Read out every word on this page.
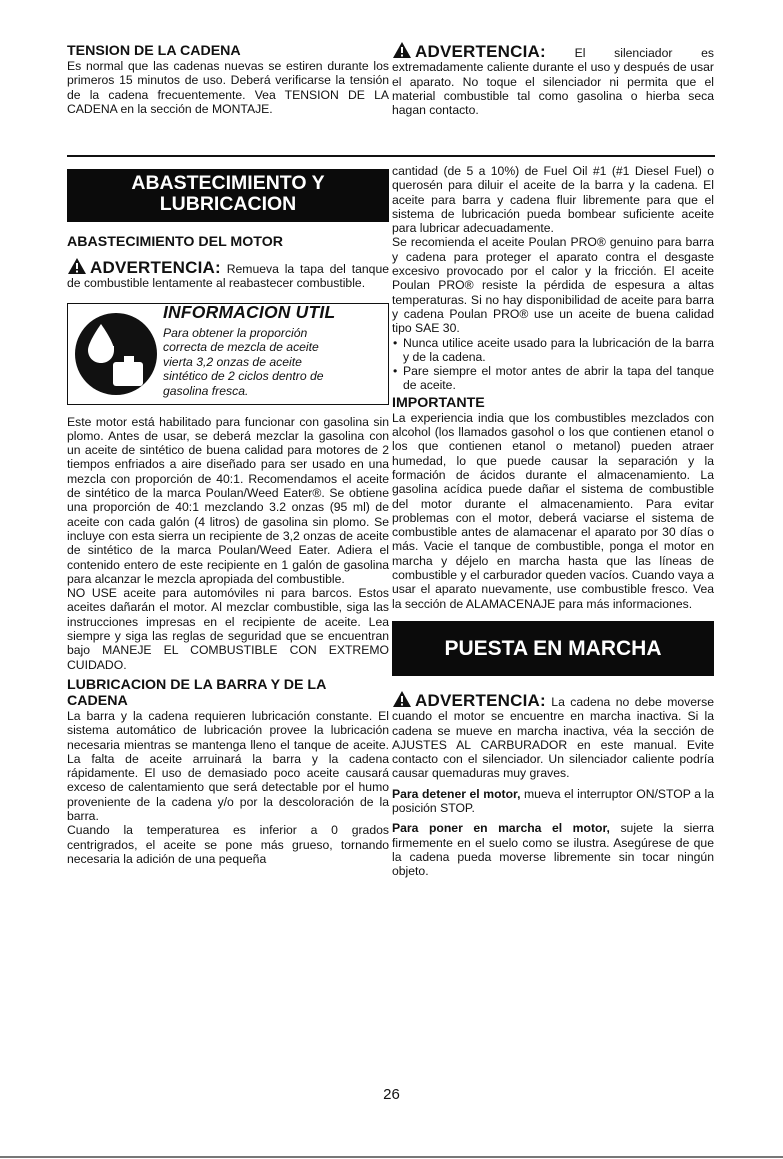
TENSION DE LA CADENA

Es normal que las cadenas nuevas se estiren durante los primeros 15 minutos de uso. Deberá verificarse la tensión de la cadena frecuentemente. Vea TENSION DE LA CADENA en la sección de MONTAJE.

ADVERTENCIA: El silenciador es extremadamente caliente durante el uso y después de usar el aparato. No toque el silenciador ni permita que el material combustible tal como gasolina o hierba seca hagan contacto.

ABASTECIMIENTO Y
LUBRICACION
ABASTECIMIENTO DEL MOTOR

ADVERTENCIA: Remueva la tapa del tanque de combustible lentamente al reabastecer combustible.

INFORMACION UTIL
Para obtener la proporción correcta de mezcla de aceite vierta 3,2 onzas de aceite sintético de 2 ciclos dentro de gasolina fresca.

Este motor está habilitado para funcionar con gasolina sin plomo. Antes de usar, se deberá mezclar la gasolina con un aceite de sintético de buena calidad para motores de 2 tiempos enfriados a aire diseñado para ser usado en una mezcla con proporción de 40:1. Recomendamos el aceite de sintético de la marca Poulan/Weed Eater®. Se obtiene una proporción de 40:1 mezclando 3.2 onzas (95 ml) de aceite con cada galón (4 litros) de gasolina sin plomo. Se incluye con esta sierra un recipiente de 3,2 onzas de aceite de sintético de la marca Poulan/Weed Eater. Adiera el contenido entero de este recipiente en 1 galón de gasolina para alcanzar le mezcla apropiada del combustible.

NO USE aceite para automóviles ni para barcos. Estos aceites dañarán el motor. Al mezclar combustible, siga las instrucciones impresas en el recipiente de aceite. Lea siempre y siga las reglas de seguridad que se encuentran bajo MANEJE EL COMBUSTIBLE CON EXTREMO CUIDADO.

LUBRICACION DE LA BARRA Y DE LA CADENA

La barra y la cadena requieren lubricación constante. El sistema automático de lubricación provee la lubricación necesaria mientras se mantenga lleno el tanque de aceite. La falta de aceite arruinará la barra y la cadena rápidamente. El uso de demasiado poco aceite causará exceso de calentamiento que será detectable por el humo proveniente de la cadena y/o por la descoloración de la barra.

Cuando la temperaturea es inferior a 0 grados centrigrados, el aceite se pone más grueso, tornando necesaria la adición de una pequeña

cantidad (de 5 a 10%) de Fuel Oil #1 (#1 Diesel Fuel) o querosén para diluir el aceite de la barra y la cadena. El aceite para barra y cadena fluir libremente para que el sistema de lubricación pueda bombear suficiente aceite para lubricar adecuadamente.

Se recomienda el aceite Poulan PRO® genuino para barra y cadena para proteger el aparato contra el desgaste excesivo provocado por el calor y la fricción. El aceite Poulan PRO® resiste la pérdida de espesura a altas temperaturas. Si no hay disponibilidad de aceite para barra y cadena Poulan PRO® use un aceite de buena calidad tipo SAE 30.

• Nunca utilice aceite usado para la lubricación de la barra y de la cadena.
• Pare siempre el motor antes de abrir la tapa del tanque de aceite.
IMPORTANTE

La experiencia india que los combustibles mezclados con alcohol (los llamados gasohol o los que contienen etanol o los que contienen etanol o metanol) pueden atraer humedad, lo que puede causar la separación y la formación de ácidos durante el almacenamiento. La gasolina acídica puede dañar el sistema de combustible del motor durante el almacenamiento. Para evitar problemas con el motor, deberá vaciarse el sistema de combustible antes de alamacenar el aparato por 30 días o más. Vacie el tanque de combustible, ponga el motor en marcha y déjelo en marcha hasta que las líneas de combustible y el carburador queden vacíos. Cuando vaya a usar el aparato nuevamente, use combustible fresco. Vea la sección de ALAMACENAJE para más informaciones.

PUESTA EN MARCHA

ADVERTENCIA: La cadena no debe moverse cuando el motor se encuentre en marcha inactiva. Si la cadena se mueve en marcha inactiva, véa la sección de AJUSTES AL CARBURADOR en este manual. Evite contacto con el silenciador. Un silenciador caliente podría causar quemaduras muy graves.

Para detener el motor, mueva el interruptor ON/STOP a la posición STOP.

Para poner en marcha el motor, sujete la sierra firmemente en el suelo como se ilustra. Asegúrese de que la cadena pueda moverse libremente sin tocar ningún objeto.

26
